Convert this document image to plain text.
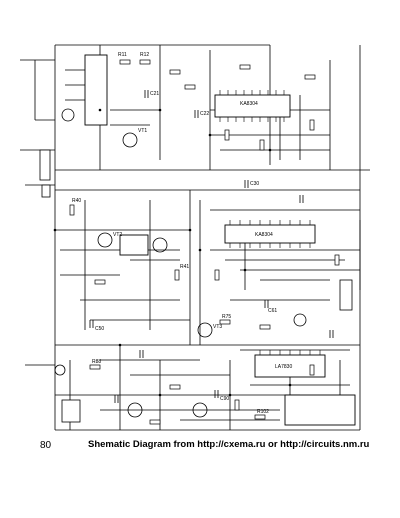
KA8304
KA8304
LA7830
R11	R12
C21
C22
C30
R40
R41
C50
VT1
VT2
VT3
R75
C61
R88
C90
R102
80	Shematic Diagram from http://cxema.ru or http://circuits.nm.ru
